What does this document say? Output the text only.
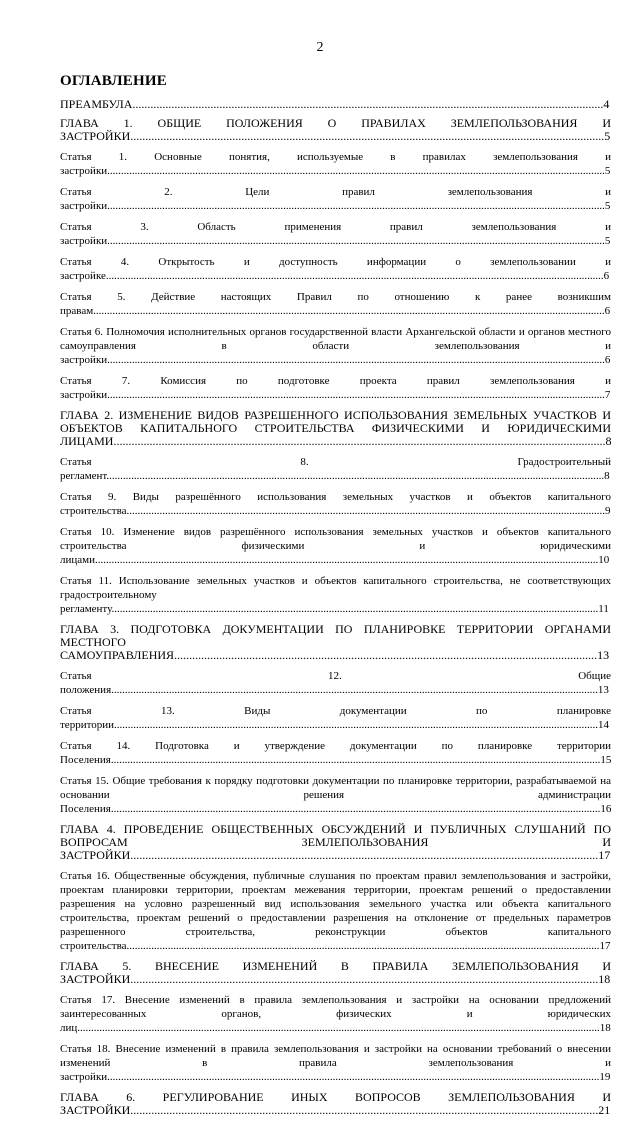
2
ОГЛАВЛЕНИЕ
ПРЕАМБУЛА.............................................................................................................................................................4
ГЛАВА 1. ОБЩИЕ ПОЛОЖЕНИЯ О ПРАВИЛАХ ЗЕМЛЕПОЛЬЗОВАНИЯ И ЗАСТРОЙКИ..............................................................................................................................................................5
Статья 1. Основные понятия, используемые в правилах землепользования и застройки.....................................................................................................................................................................................5
Статья 2. Цели правил землепользования и застройки.....................................................................................................................................................................................5
Статья 3. Область применения правил землепользования и застройки.....................................................................................................................................................................................5
Статья 4. Открытость и доступность информации о землепользовании и застройке.....................................................................................................................................................................................6
Статья 5. Действие настоящих Правил по отношению к ранее возникшим правам..........................................................................................................................................................................................6
Статья 6. Полномочия исполнительных органов государственной власти Архангельской области и органов местного самоуправления в области землепользования и застройки.....................................................................................................................................................................................6
Статья 7. Комиссия по подготовке проекта правил землепользования и застройки.....................................................................................................................................................................................7
ГЛАВА 2. ИЗМЕНЕНИЕ ВИДОВ РАЗРЕШЕННОГО ИСПОЛЬЗОВАНИЯ ЗЕМЕЛЬНЫХ УЧАСТКОВ И ОБЪЕКТОВ КАПИТАЛЬНОГО СТРОИТЕЛЬСТВА ФИЗИЧЕСКИМИ И ЮРИДИЧЕСКИМИ ЛИЦАМИ....................................................................................................................................................................8
Статья 8. Градостроительный регламент.....................................................................................................................................................................................8
Статья 9. Виды разрешённого использования земельных участков и объектов капитального строительства..............................................................................................................................................................................9
Статья 10. Изменение видов разрешённого использования земельных участков и объектов капитального строительства физическими и юридическими лицами.......................................................................................................................................................................................10
Статья 11. Использование земельных участков и объектов капитального строительства, не соответствующих градостроительному регламенту.................................................................................................................................................................................11
ГЛАВА 3. ПОДГОТОВКА ДОКУМЕНТАЦИИ ПО ПЛАНИРОВКЕ ТЕРРИТОРИИ ОРГАНАМИ МЕСТНОГО САМОУПРАВЛЕНИЯ.............................................................................................................................................13
Статья 12. Общие положения.................................................................................................................................................................................13
Статья 13. Виды документации по планировке территории................................................................................................................................................................................14
Статья 14. Подготовка и утверждение документации по планировке территории Поселения..................................................................................................................................................................................15
Статья 15. Общие требования к порядку подготовки документации по планировке территории, разрабатываемой на основании решения администрации Поселения..................................................................................................................................................................................16
ГЛАВА 4. ПРОВЕДЕНИЕ ОБЩЕСТВЕННЫХ ОБСУЖДЕНИЙ И ПУБЛИЧНЫХ СЛУШАНИЙ ПО ВОПРОСАМ ЗЕМЛЕПОЛЬЗОВАНИЯ И ЗАСТРОЙКИ............................................................................................................................................................17
Статья 16. Общественные обсуждения, публичные слушания по проектам правил землепользования и застройки, проектам планировки территории, проектам межевания территории, проектам решений о предоставлении разрешения на условно разрешенный вид использования земельного участка или объекта капитального строительства, проектам решений о предоставлении разрешения на отклонение от предельных параметров разрешенного строительства, реконструкции объектов капитального строительства............................................................................................................................................................................17
ГЛАВА 5. ВНЕСЕНИЕ ИЗМЕНЕНИЙ В ПРАВИЛА ЗЕМЛЕПОЛЬЗОВАНИЯ И ЗАСТРОЙКИ............................................................................................................................................................18
Статья 17. Внесение изменений в правила землепользования и застройки на основании предложений заинтересованных органов, физических и юридических лиц..............................................................................................................................................................................................18
Статья 18. Внесение изменений в правила землепользования и застройки на основании требований о внесении изменений в правила землепользования и застройки...................................................................................................................................................................................19
ГЛАВА 6. РЕГУЛИРОВАНИЕ ИНЫХ ВОПРОСОВ ЗЕМЛЕПОЛЬЗОВАНИЯ И ЗАСТРОЙКИ............................................................................................................................................................21
